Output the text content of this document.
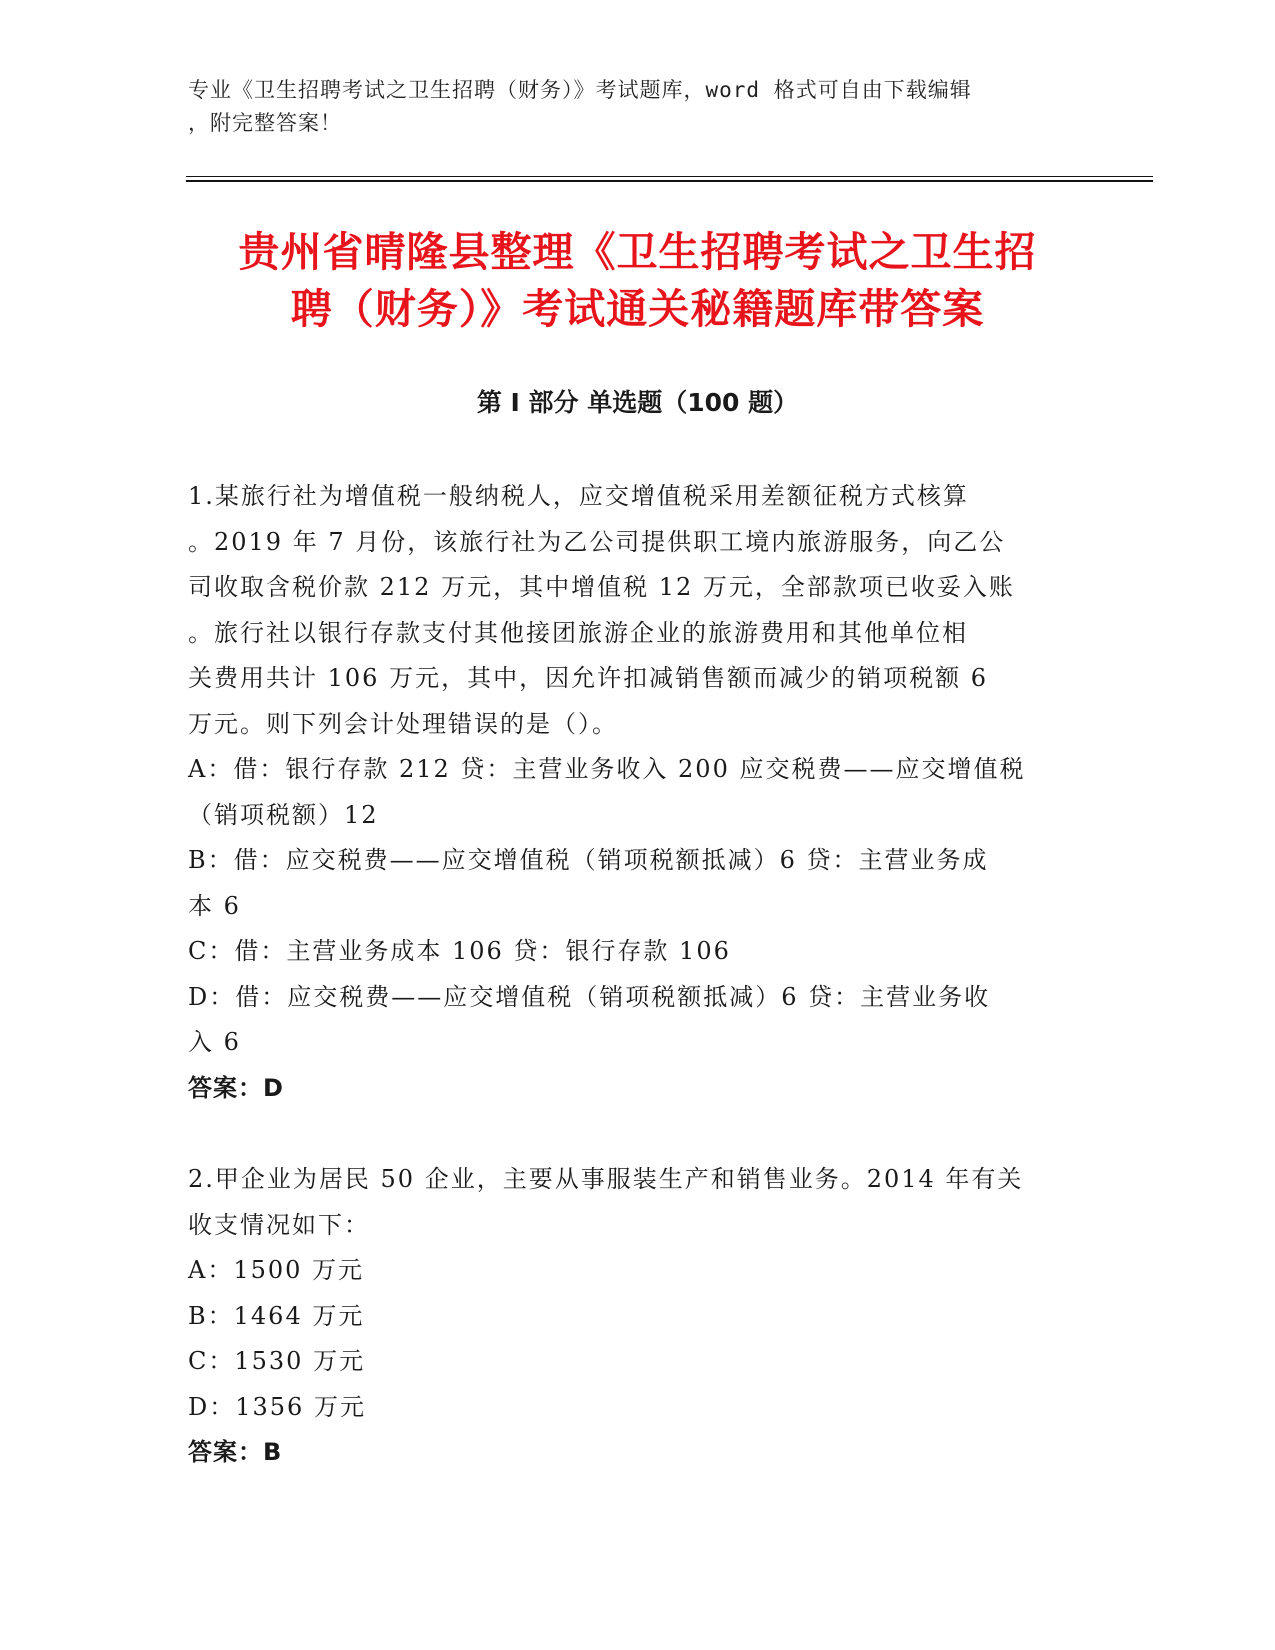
专业《卫生招聘考试之卫生招聘（财务）》考试题库，word 格式可自由下载编辑
，附完整答案！
贵州省晴隆县整理《卫生招聘考试之卫生招
聘（财务）》考试通关秘籍题库带答案
第 I 部分 单选题（100 题）

1.某旅行社为增值税一般纳税人，应交增值税采用差额征税方式核算

。2019 年 7 月份，该旅行社为乙公司提供职工境内旅游服务，向乙公

司收取含税价款 212 万元，其中增值税 12 万元，全部款项已收妥入账

。旅行社以银行存款支付其他接团旅游企业的旅游费用和其他单位相

关费用共计 106 万元，其中，因允许扣减销售额而减少的销项税额 6

万元。则下列会计处理错误的是（）。

A：借：银行存款 212 贷：主营业务收入 200 应交税费——应交增值税

（销项税额）12

B：借：应交税费——应交增值税（销项税额抵减）6 贷：主营业务成

本 6

C：借：主营业务成本 106 贷：银行存款 106

D：借：应交税费——应交增值税（销项税额抵减）6 贷：主营业务收

入 6

答案：D

2.甲企业为居民 50 企业，主要从事服装生产和销售业务。2014 年有关

收支情况如下：

A：1500 万元

B：1464 万元

C：1530 万元

D：1356 万元

答案：B
